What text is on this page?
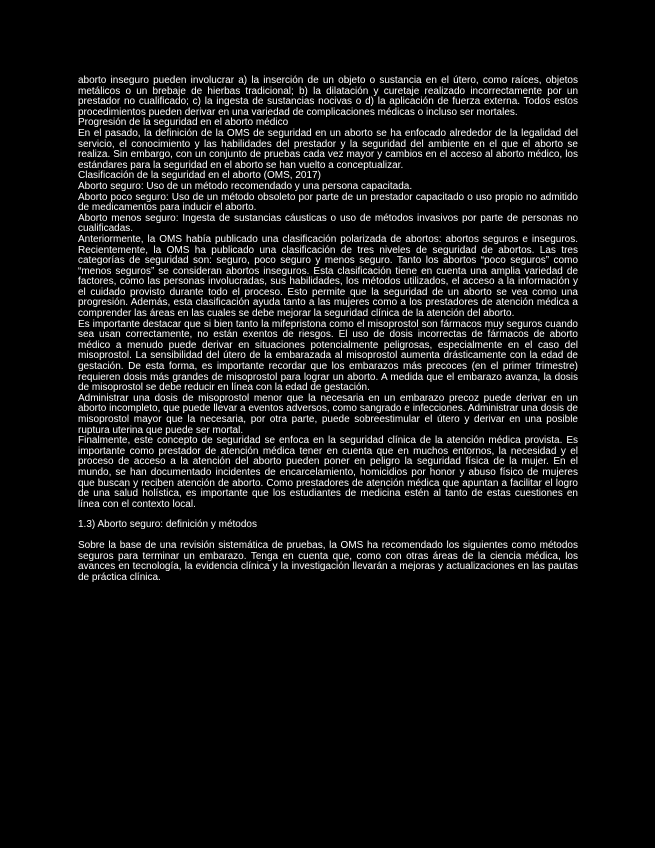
aborto inseguro pueden involucrar a) la inserción de un objeto o sustancia en el útero, como raíces, objetos metálicos o un brebaje de hierbas tradicional; b) la dilatación y curetaje realizado incorrectamente por un prestador no cualificado; c) la ingesta de sustancias nocivas o d) la aplicación de fuerza externa. Todos estos procedimientos pueden derivar en una variedad de complicaciones médicas o incluso ser mortales.

Progresión de la seguridad en el aborto médico

En el pasado, la definición de la OMS de seguridad en un aborto se ha enfocado alrededor de la legalidad del servicio, el conocimiento y las habilidades del prestador y la seguridad del ambiente en el que el aborto se realiza. Sin embargo, con un conjunto de pruebas cada vez mayor y cambios en el acceso al aborto médico, los estándares para la seguridad en el aborto se han vuelto a conceptualizar.

Clasificación de la seguridad en el aborto (OMS, 2017)

Aborto seguro: Uso de un método recomendado y una persona capacitada.

Aborto poco seguro: Uso de un método obsoleto por parte de un prestador capacitado o uso propio no admitido de medicamentos para inducir el aborto.

Aborto menos seguro: Ingesta de sustancias cáusticas o uso de métodos invasivos por parte de personas no cualificadas.

Anteriormente, la OMS había publicado una clasificación polarizada de abortos: abortos seguros e inseguros. Recientemente, la OMS ha publicado una clasificación de tres niveles de seguridad de abortos. Las tres categorías de seguridad son: seguro, poco seguro y menos seguro. Tanto los abortos “poco seguros” como “menos seguros” se consideran abortos inseguros. Esta clasificación tiene en cuenta una amplia variedad de factores, como las personas involucradas, sus habilidades, los métodos utilizados, el acceso a la información y el cuidado provisto durante todo el proceso. Esto permite que la seguridad de un aborto se vea como una progresión. Además, esta clasificación ayuda tanto a las mujeres como a los prestadores de atención médica a comprender las áreas en las cuales se debe mejorar la seguridad clínica de la atención del aborto.

Es importante destacar que si bien tanto la mifepristona como el misoprostol son fármacos muy seguros cuando sea usan correctamente, no están exentos de riesgos. El uso de dosis incorrectas de fármacos de aborto médico a menudo puede derivar en situaciones potencialmente peligrosas, especialmente en el caso del misoprostol. La sensibilidad del útero de la embarazada al misoprostol aumenta drásticamente con la edad de gestación. De esta forma, es importante recordar que los embarazos más precoces (en el primer trimestre) requieren dosis más grandes de misoprostol para lograr un aborto. A medida que el embarazo avanza, la dosis de misoprostol se debe reducir en línea con la edad de gestación.

Administrar una dosis de misoprostol menor que la necesaria en un embarazo precoz puede derivar en un aborto incompleto, que puede llevar a eventos adversos, como sangrado e infecciones. Administrar una dosis de misoprostol mayor que la necesaria, por otra parte, puede sobreestimular el útero y derivar en una posible ruptura uterina que puede ser mortal.

Finalmente, este concepto de seguridad se enfoca en la seguridad clínica de la atención médica provista. Es importante como prestador de atención médica tener en cuenta que en muchos entornos, la necesidad y el proceso de acceso a la atención del aborto pueden poner en peligro la seguridad física de la mujer. En el mundo, se han documentado incidentes de encarcelamiento, homicidios por honor y abuso físico de mujeres que buscan y reciben atención de aborto. Como prestadores de atención médica que apuntan a facilitar el logro de una salud holística, es importante que los estudiantes de medicina estén al tanto de estas cuestiones en línea con el contexto local.

1.3) Aborto seguro: definición y métodos

Sobre la base de una revisión sistemática de pruebas, la OMS ha recomendado los siguientes como métodos seguros para terminar un embarazo. Tenga en cuenta que, como con otras áreas de la ciencia médica, los avances en tecnología, la evidencia clínica y la investigación llevarán a mejoras y actualizaciones en las pautas de práctica clínica.
